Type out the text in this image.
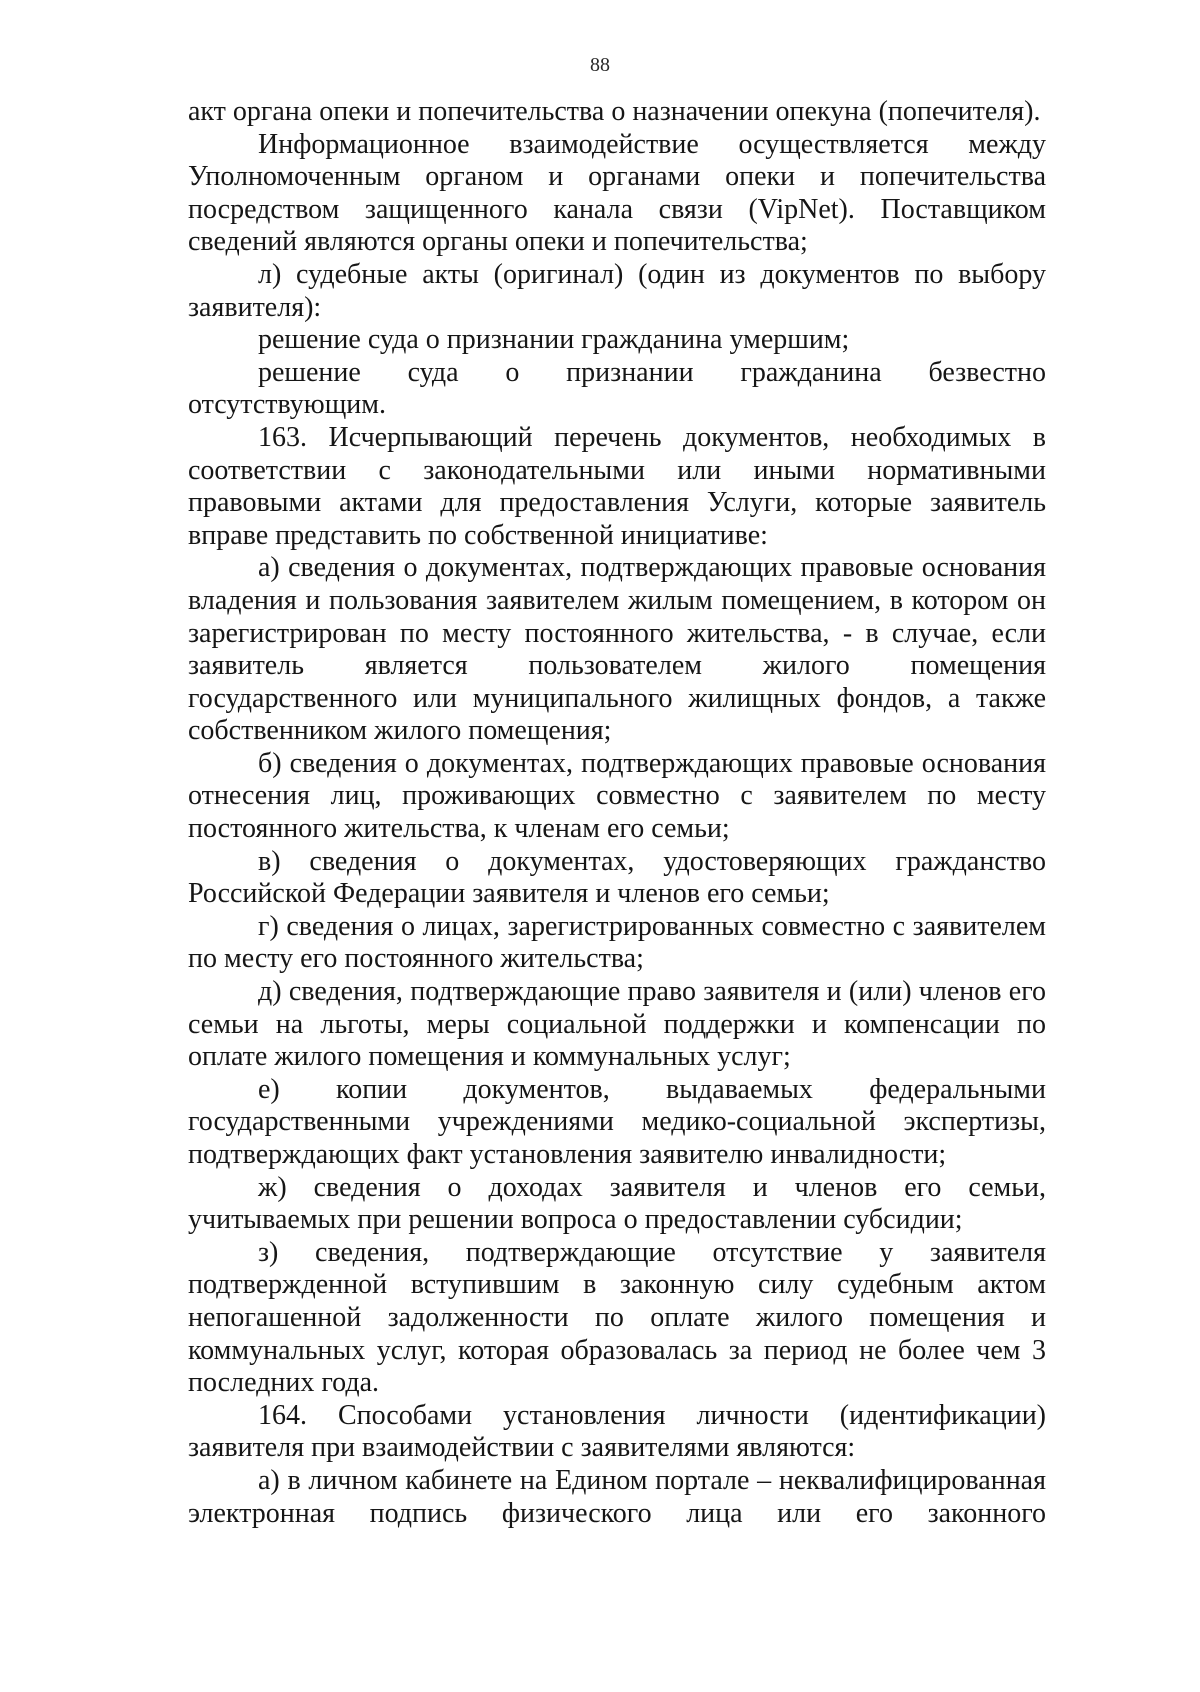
88

акт органа опеки и попечительства о назначении опекуна (попечителя).

Информационное взаимодействие осуществляется между Уполномоченным органом и органами опеки и попечительства посредством защищенного канала связи (VipNet). Поставщиком сведений являются органы опеки и попечительства;

л) судебные акты (оригинал) (один из документов по выбору заявителя):

решение суда о признании гражданина умершим;

решение суда о признании гражданина безвестно отсутствующим.

163. Исчерпывающий перечень документов, необходимых в соответствии с законодательными или иными нормативными правовыми актами для предоставления Услуги, которые заявитель вправе представить по собственной инициативе:

а) сведения о документах, подтверждающих правовые основания владения и пользования заявителем жилым помещением, в котором он зарегистрирован по месту постоянного жительства, - в случае, если заявитель является пользователем жилого помещения государственного или муниципального жилищных фондов, а также собственником жилого помещения;

б) сведения о документах, подтверждающих правовые основания отнесения лиц, проживающих совместно с заявителем по месту постоянного жительства, к членам его семьи;

в) сведения о документах, удостоверяющих гражданство Российской Федерации заявителя и членов его семьи;

г) сведения о лицах, зарегистрированных совместно с заявителем по месту его постоянного жительства;

д) сведения, подтверждающие право заявителя и (или) членов его семьи на льготы, меры социальной поддержки и компенсации по оплате жилого помещения и коммунальных услуг;

е) копии документов, выдаваемых федеральными государственными учреждениями медико-социальной экспертизы, подтверждающих факт установления заявителю инвалидности;

ж) сведения о доходах заявителя и членов его семьи, учитываемых при решении вопроса о предоставлении субсидии;

з) сведения, подтверждающие отсутствие у заявителя подтвержденной вступившим в законную силу судебным актом непогашенной задолженности по оплате жилого помещения и коммунальных услуг, которая образовалась за период не более чем 3 последних года.

164. Способами установления личности (идентификации) заявителя при взаимодействии с заявителями являются:

а) в личном кабинете на Едином портале – неквалифицированная электронная подпись физического лица или его законного
